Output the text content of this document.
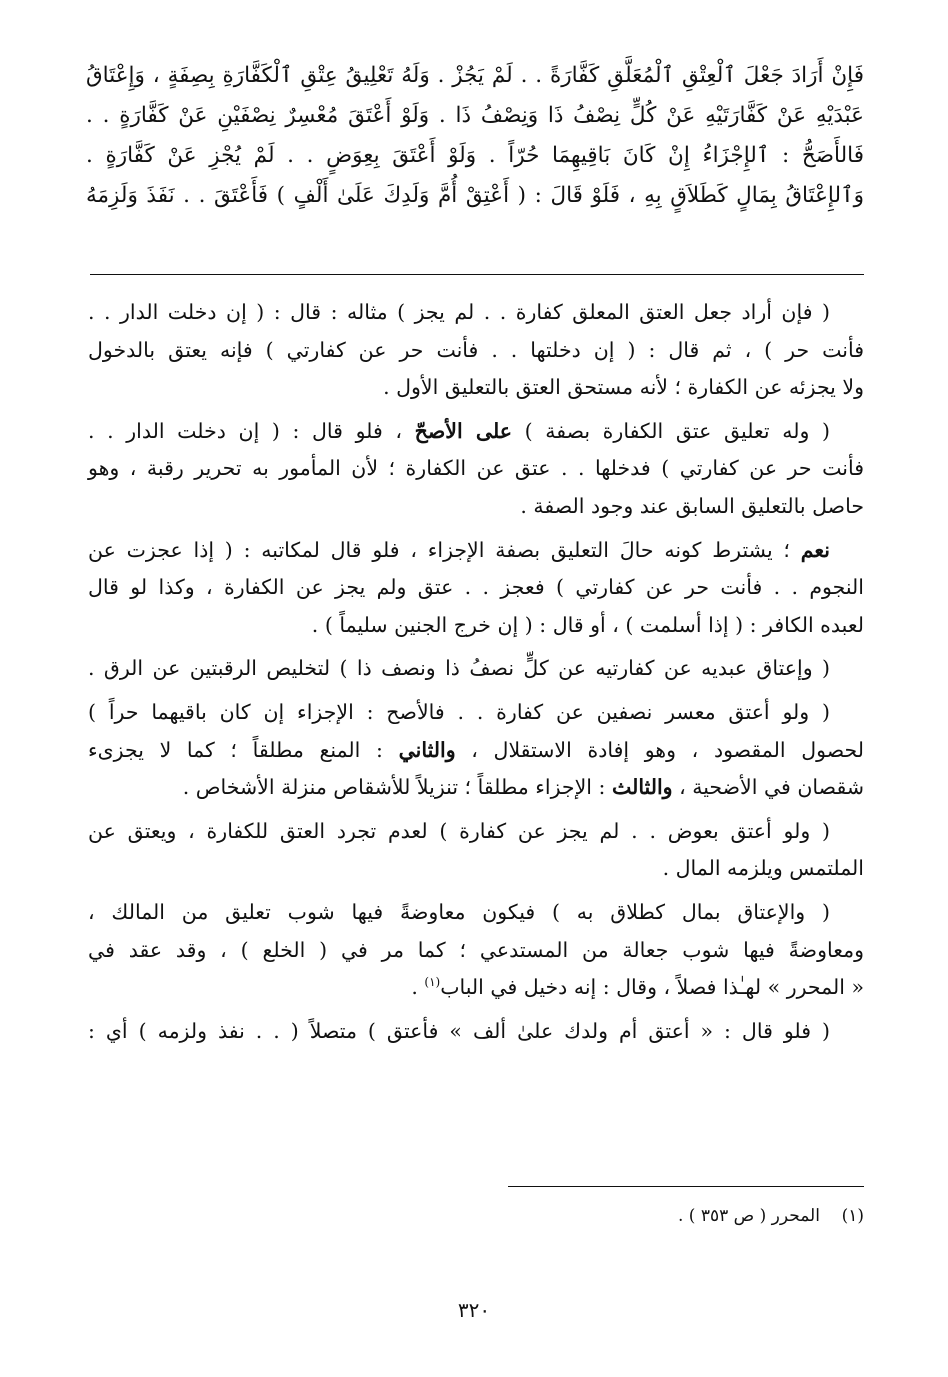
فَإِنْ أَرَادَ جَعْلَ ٱلْعِتْقِ ٱلْمُعَلَّقِ كَفَّارَةً . . لَمْ يَجُزْ . وَلَهُ تَعْلِيقُ عِتْقِ ٱلْكَفَّارَةِ بِصِفَةٍ ، وَإِعْتَاقُ
عَبْدَيْهِ عَنْ كَفَّارَتَيْهِ عَنْ كُلٍّ نِصْفُ ذَا وَنِصْفُ ذَا . وَلَوْ أَعْتَقَ مُعْسِرٌ نِصْفَيْنِ عَنْ كَفَّارَةٍ . .
فَالأَصَحُّ : ٱلإِجْزَاءُ إِنْ كَانَ بَاقِيهِمَا حُرّاً . وَلَوْ أَعْتَقَ بِعِوَضٍ . . لَمْ يُجْزِ عَنْ كَفَّارَةٍ .
وَٱلإِعْتَاقُ بِمَالٍ كَطَلاَقٍ بِهِ ، فَلَوْ قَالَ : ( أَعْتِقْ أُمَّ وَلَدِكَ عَلَىٰ أَلْفٍ ) فَأَعْتَقَ . . نَفَذَ وَلَزِمَهُ
( فإن أراد جعل العتق المعلق كفارة . . لم يجز ) مثاله : قال : ( إن دخلت الدار . .
فأنت حر ) ، ثم قال : ( إن دخلتها . . فأنت حر عن كفارتي ) فإنه يعتق بالدخول
ولا يجزئه عن الكفارة ؛ لأنه مستحق العتق بالتعليق الأول .
( وله تعليق عتق الكفارة بصفة ) على الأصحّ ، فلو قال : ( إن دخلت الدار . .
فأنت حر عن كفارتي ) فدخلها . . عتق عن الكفارة ؛ لأن المأمور به تحرير رقبة ، وهو
حاصل بالتعليق السابق عند وجود الصفة .
نعم ؛ يشترط كونه حالَ التعليق بصفة الإجزاء ، فلو قال لمكاتبه : ( إذا عجزت عن
النجوم . . فأنت حر عن كفارتي ) فعجز . . عتق ولم يجز عن الكفارة ، وكذا لو قال
لعبده الكافر : ( إذا أسلمت ) ، أو قال : ( إن خرج الجنين سليماً ) .
( وإعتاق عبديه عن كفارتيه عن كلٍّ نصفُ ذا ونصف ذا ) لتخليص الرقبتين عن الرق .
( ولو أعتق معسر نصفين عن كفارة . . فالأصح : الإجزاء إن كان باقيهما حراً )
لحصول المقصود ، وهو إفادة الاستقلال ، والثاني : المنع مطلقاً ؛ كما لا يجزىء
شقصان في الأضحية ، والثالث : الإجزاء مطلقاً ؛ تنزيلاً للأشقاص منزلة الأشخاص .
( ولو أعتق بعوض . . لم يجز عن كفارة ) لعدم تجرد العتق للكفارة ، ويعتق عن
الملتمس ويلزمه المال .
( والإعتاق بمال كطلاق به ) فيكون معاوضةً فيها شوب تعليق من المالك ،
ومعاوضةً فيها شوب جعالة من المستدعي ؛ كما مر في ( الخلع ) ، وقد عقد في
« المحرر » لهـٰذا فصلاً ، وقال : إنه دخيل في الباب$^{(١)}$ .
( فلو قال : « أعتق أم ولدك علىٰ ألف » فأعتق ) متصلاً ( . . نفذ ولزمه ) أي :
(١)    المحرر ( ص ٣٥٣ ) .
٣٢٠
